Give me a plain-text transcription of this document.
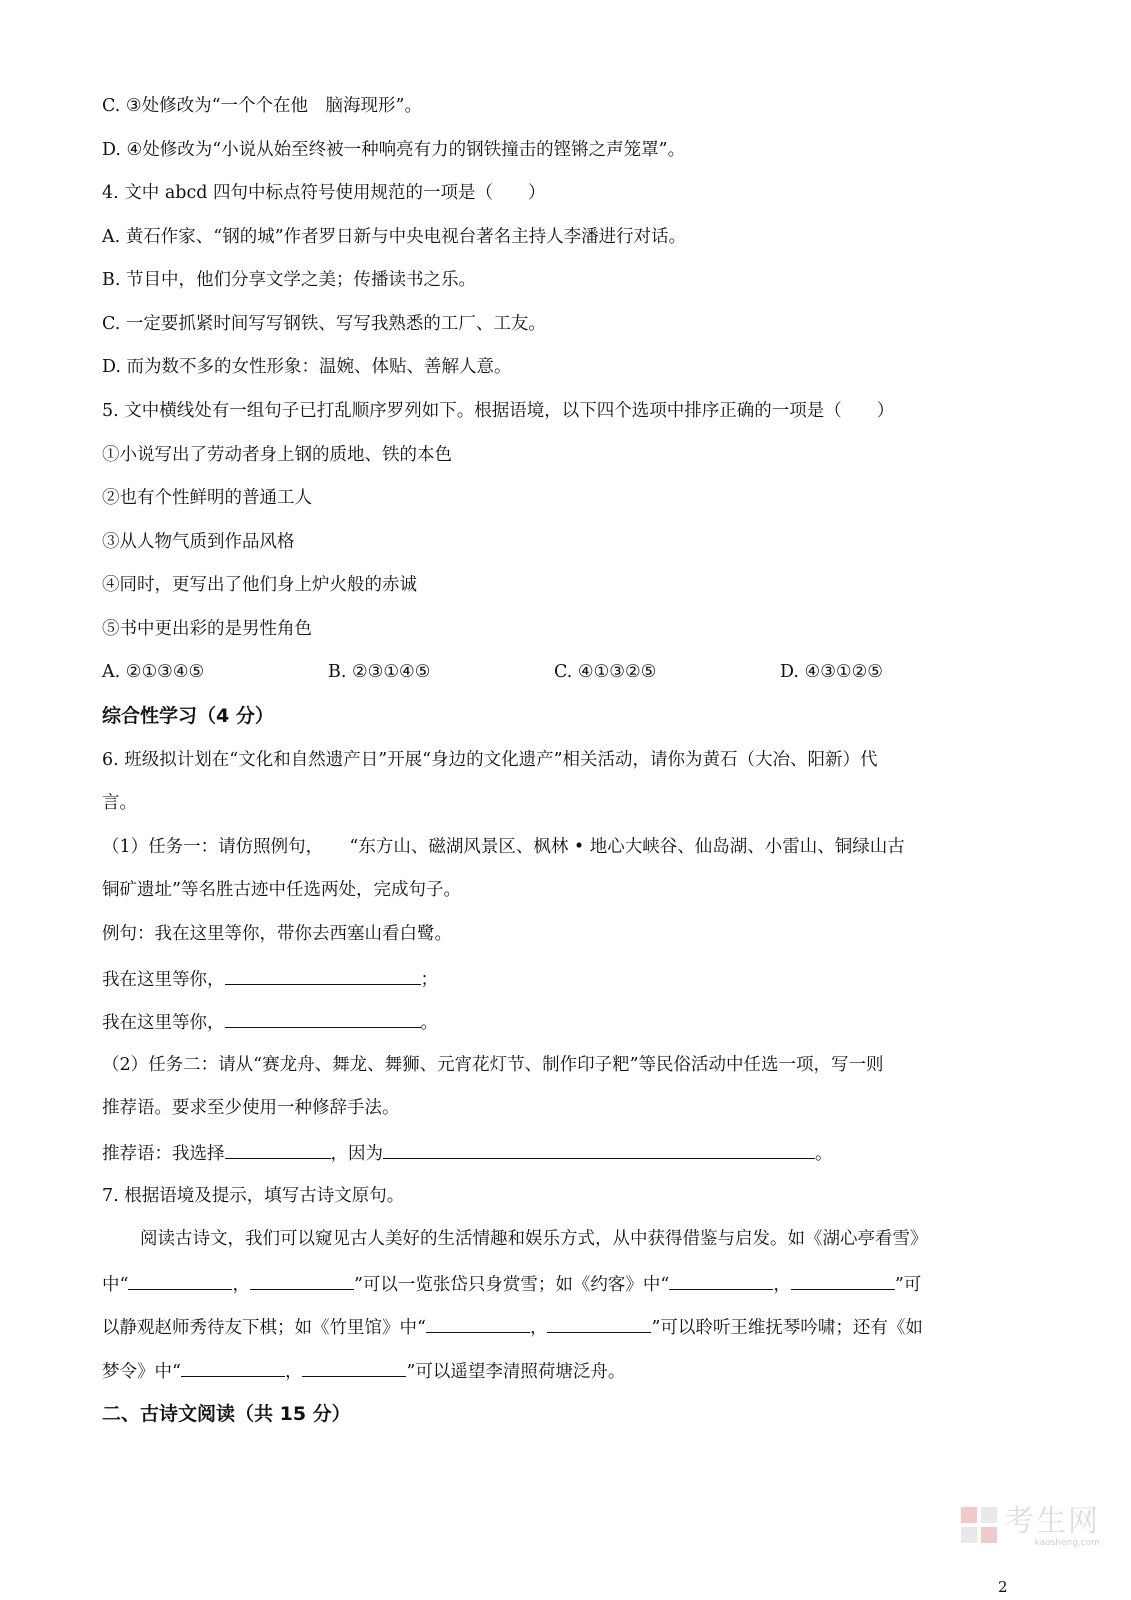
C. ③处修改为“一个个在他　脑海现形”。
D. ④处修改为“小说从始至终被一种响亮有力的钢铁撞击的铿锵之声笼罩”。
4. 文中 abcd 四句中标点符号使用规范的一项是（　　）
A. 黄石作家、“钢的城”作者罗日新与中央电视台著名主持人李潘进行对话。
B. 节目中，他们分享文学之美；传播读书之乐。
C. 一定要抓紧时间写写钢铁、写写我熟悉的工厂、工友。
D. 而为数不多的女性形象：温婉、体贴、善解人意。
5. 文中横线处有一组句子已打乱顺序罗列如下。根据语境，以下四个选项中排序正确的一项是（　　）
①小说写出了劳动者身上钢的质地、铁的本色
②也有个性鲜明的普通工人
③从人物气质到作品风格
④同时，更写出了他们身上炉火般的赤诚
⑤书中更出彩的是男性角色
A. ②①③④⑤	B. ②③①④⑤	C. ④①③②⑤	D. ④③①②⑤
综合性学习（4 分）
6. 班级拟计划在“文化和自然遗产日”开展“身边的文化遗产”相关活动，请你为黄石（大冶、阳新）代
言。
（1）任务一：请仿照例句，　　“东方山、磁湖风景区、枫林 • 地心大峡谷、仙岛湖、小雷山、铜绿山古
铜矿遗址”等名胜古迹中任选两处，完成句子。
例句：我在这里等你，带你去西塞山看白鹭。
我在这里等你，	；
我在这里等你，	。
（2）任务二：请从“赛龙舟、舞龙、舞狮、元宵花灯节、制作印子粑”等民俗活动中任选一项，写一则
推荐语。要求至少使用一种修辞手法。
推荐语：我选择	，因为	。
7. 根据语境及提示，填写古诗文原句。
阅读古诗文，我们可以窥见古人美好的生活情趣和娱乐方式，从中获得借鉴与启发。如《湖心亭看雪》
中“	，	”可以一览张岱只身赏雪；如《约客》中“	，	”可
以静观赵师秀待友下棋；如《竹里馆》中“	，	”可以聆听王维抚琴吟啸；还有《如
梦令》中“	，	”可以遥望李清照荷塘泛舟。
二、古诗文阅读（共 15 分）
考生网
kaosheng.com
2
